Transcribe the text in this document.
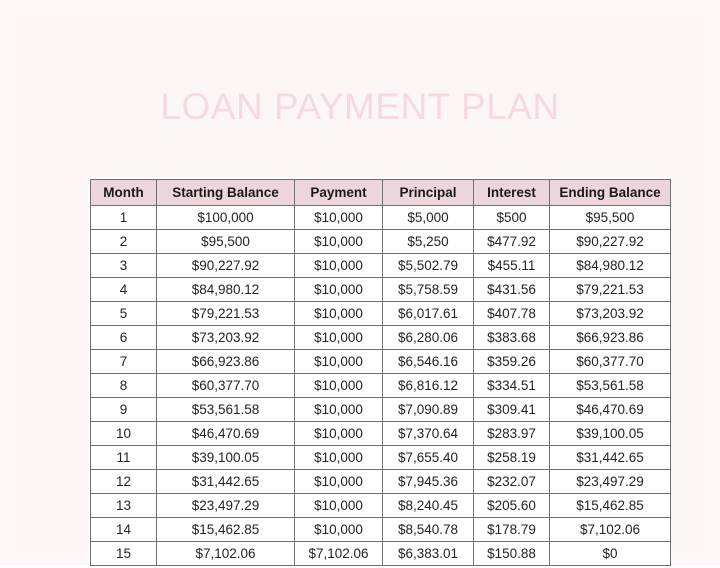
LOAN PAYMENT PLAN
Month	Starting Balance	Payment	Principal	Interest	Ending Balance
1	$100,000	$10,000	$5,000	$500	$95,500
2	$95,500	$10,000	$5,250	$477.92	$90,227.92
3	$90,227.92	$10,000	$5,502.79	$455.11	$84,980.12
4	$84,980.12	$10,000	$5,758.59	$431.56	$79,221.53
5	$79,221.53	$10,000	$6,017.61	$407.78	$73,203.92
6	$73,203.92	$10,000	$6,280.06	$383.68	$66,923.86
7	$66,923.86	$10,000	$6,546.16	$359.26	$60,377.70
8	$60,377.70	$10,000	$6,816.12	$334.51	$53,561.58
9	$53,561.58	$10,000	$7,090.89	$309.41	$46,470.69
10	$46,470.69	$10,000	$7,370.64	$283.97	$39,100.05
11	$39,100.05	$10,000	$7,655.40	$258.19	$31,442.65
12	$31,442.65	$10,000	$7,945.36	$232.07	$23,497.29
13	$23,497.29	$10,000	$8,240.45	$205.60	$15,462.85
14	$15,462.85	$10,000	$8,540.78	$178.79	$7,102.06
15	$7,102.06	$7,102.06	$6,383.01	$150.88	$0
